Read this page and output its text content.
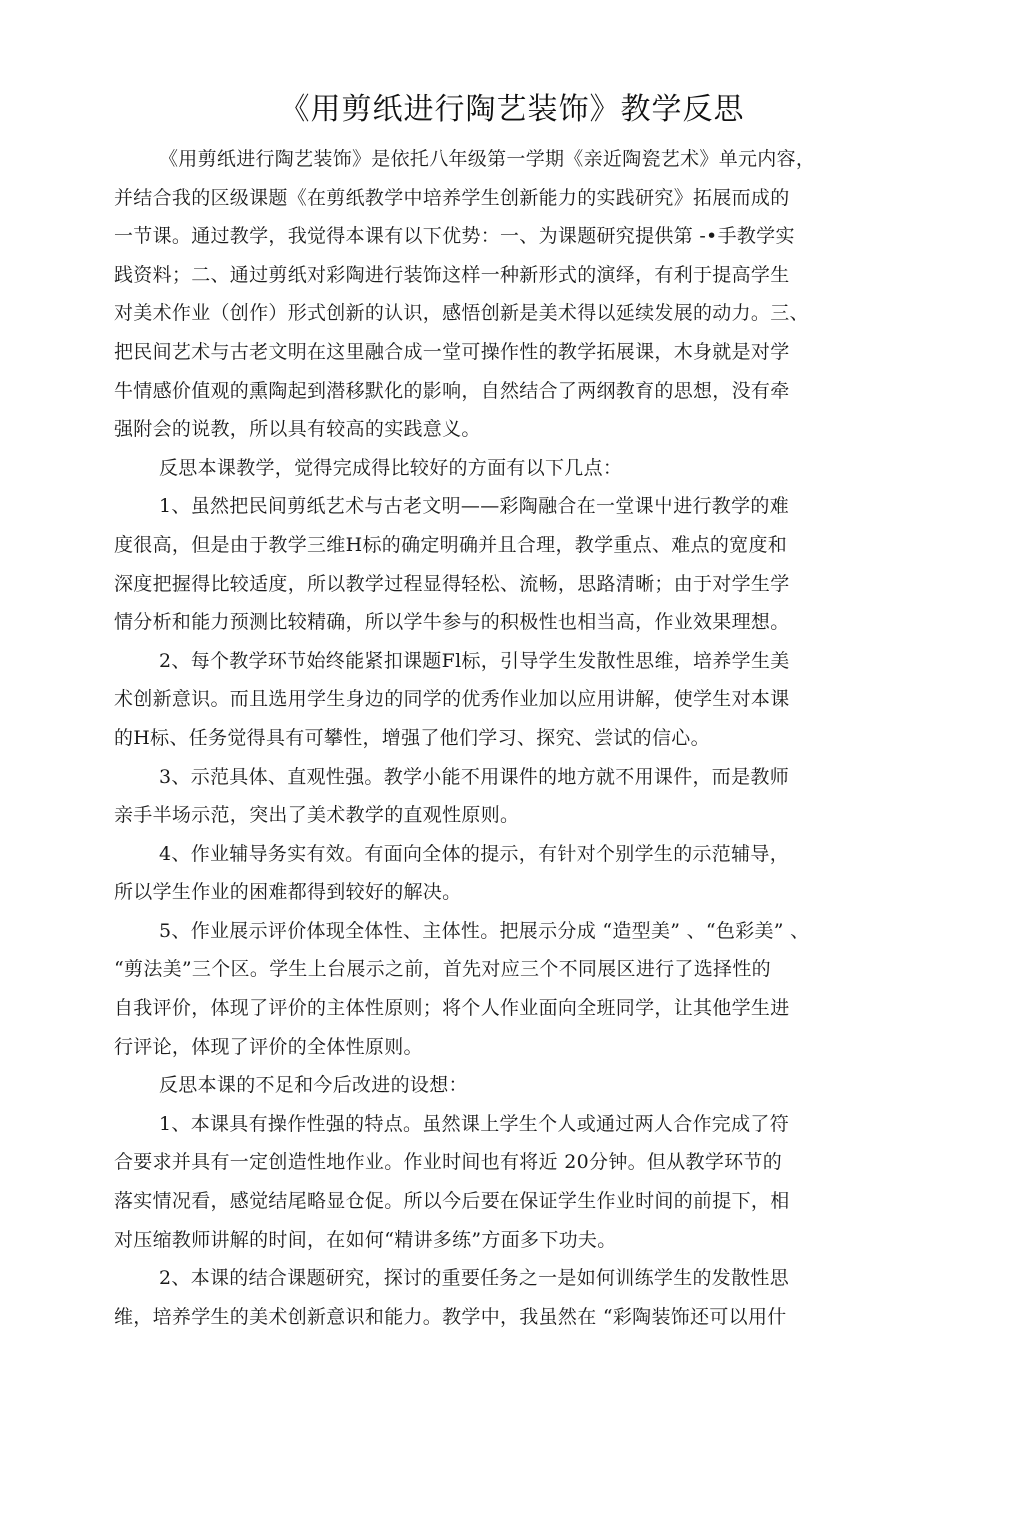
《用剪纸进行陶艺装饰》教学反思
《用剪纸进行陶艺装饰》是依托八年级第一学期《亲近陶瓷艺术》单元内容，
并结合我的区级课题《在剪纸教学中培养学生创新能力的实践研究》拓展而成的
一节课。通过教学，我觉得本课有以下优势：一、为课题研究提供第 -•手教学实
践资料；二、通过剪纸对彩陶进行装饰这样一种新形式的演绎，有利于提高学生
对美术作业（创作）形式创新的认识，感悟创新是美术得以延续发展的动力。三、
把民间艺术与古老文明在这里融合成一堂可操作性的教学拓展课，木身就是对学
牛情感价值观的熏陶起到潜移默化的影响，自然结合了两纲教育的思想，没有牵
强附会的说教，所以具有较高的实践意义。
反思本课教学，觉得完成得比较好的方面有以下几点：
1、虽然把民间剪纸艺术与古老文明——彩陶融合在一堂课屮进行教学的难
度很高，但是由于教学三维H标的确定明确并且合理，教学重点、难点的宽度和
深度把握得比较适度，所以教学过程显得轻松、流畅，思路清晰；由于对学生学
情分析和能力预测比较精确，所以学牛参与的积极性也相当高，作业效果理想。
2、每个教学环节始终能紧扣课题Fl标，引导学生发散性思维，培养学生美
术创新意识。而且选用学生身边的同学的优秀作业加以应用讲解，使学生对本课
的H标、任务觉得具有可攀性，增强了他们学习、探究、尝试的信心。
3、示范具体、直观性强。教学小能不用课件的地方就不用课件，而是教师
亲手半场示范，突出了美术教学的直观性原则。
4、作业辅导务实有效。有面向全体的提示，有针对个别学生的示范辅导，
所以学生作业的困难都得到较好的解决。
5、作业展示评价体现全体性、主体性。把展示分成 “造型美” 、“色彩美” 、
“剪法美”三个区。学生上台展示之前，首先对应三个不同展区进行了选择性的
自我评价，体现了评价的主体性原则；将个人作业面向全班同学，让其他学生进
行评论，体现了评价的全体性原则。
反思本课的不足和今后改进的设想：
1、本课具有操作性强的特点。虽然课上学生个人或通过两人合作完成了符
合要求并具有一定创造性地作业。作业时间也有将近 20分钟。但从教学环节的
落实情况看，感觉结尾略显仓促。所以今后要在保证学生作业时间的前提下，相
对压缩教师讲解的时间，在如何“精讲多练”方面多下功夫。
2、本课的结合课题研究，探讨的重要任务之一是如何训练学生的发散性思
维，培养学生的美术创新意识和能力。教学中，我虽然在 “彩陶装饰还可以用什
